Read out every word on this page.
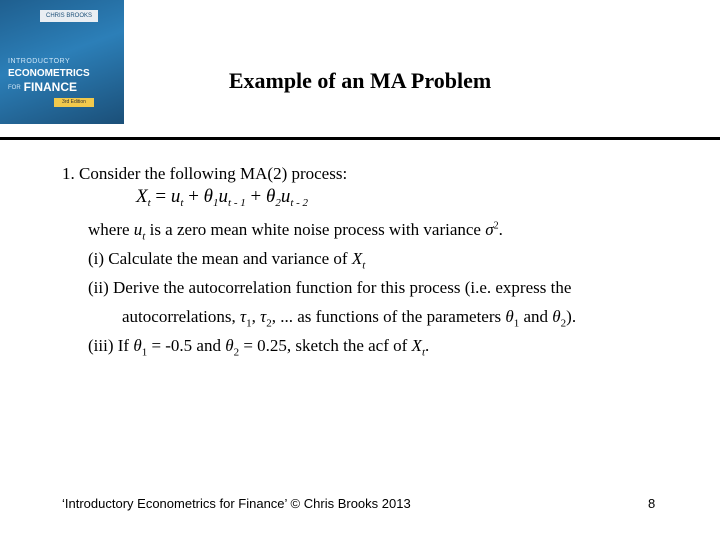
CHRIS BROOKS
INTRODUCTORY
ECONOMETRICS
FOR FINANCE
3rd Edition
Example of an MA Problem
1. Consider the following MA(2) process:
$X_t = u_t + \theta_1u_{t - 1} + \theta_2u_{t - 2}$
where $u_t$ is a zero mean white noise process with variance $\sigma^2$.
(i) Calculate the mean and variance of $X_t$
(ii) Derive the autocorrelation function for this process (i.e. express the
autocorrelations, $\tau_1$, $\tau_2$, ... as functions of the parameters $\theta_1$ and $\theta_2$).
(iii) If $\theta_1 = -0.5$ and $\theta_2 = 0.25$, sketch the acf of $X_t$.
‘Introductory Econometrics for Finance’ © Chris Brooks 2013	8
